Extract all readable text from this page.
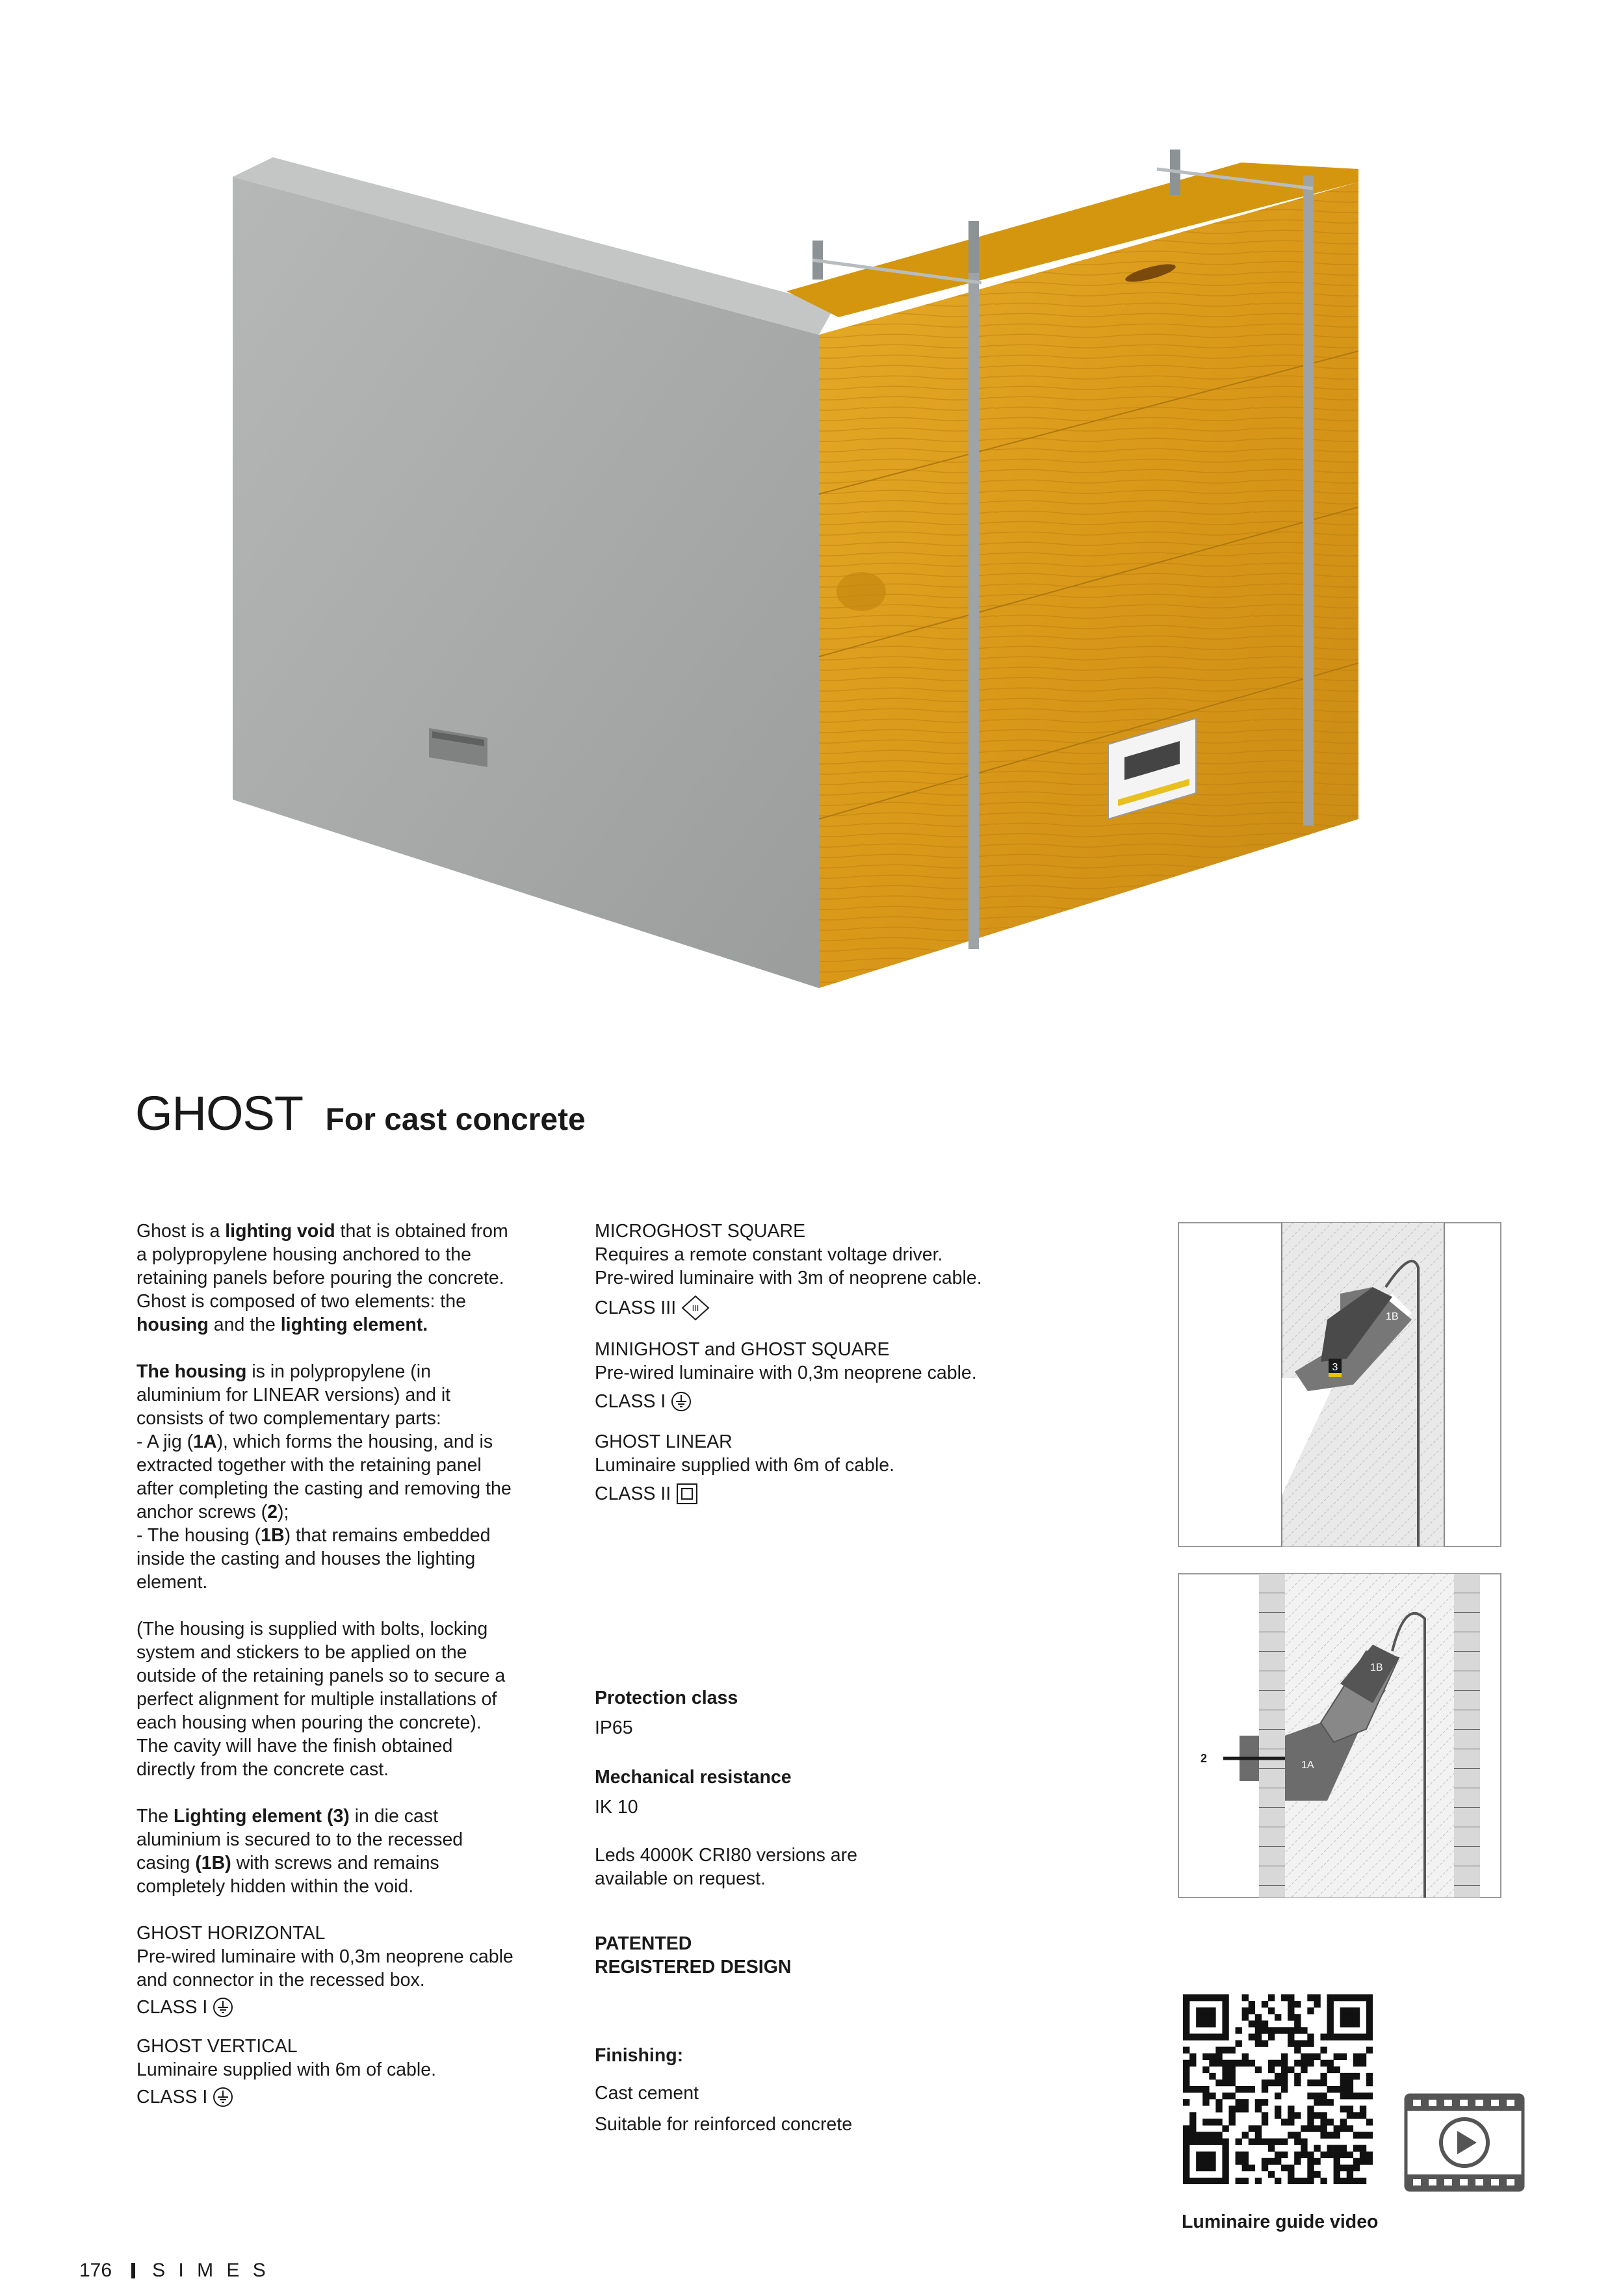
GHOST For cast concrete

Ghost is a lighting void that is obtained from a polypropylene housing anchored to the retaining panels before pouring the concrete.

Ghost is composed of two elements: the housing and the lighting element.

The housing is in polypropylene (in aluminium for LINEAR versions) and it consists of two complementary parts:

- A jig (1A), which forms the housing, and is extracted together with the retaining panel after completing the casting and removing the anchor screws (2);

- The housing (1B) that remains embedded inside the casting and houses the lighting element.

(The housing is supplied with bolts, locking system and stickers to be applied on the outside of the retaining panels so to secure a perfect alignment for multiple installations of each housing when pouring the concrete).

The cavity will have the finish obtained directly from the concrete cast.

The Lighting element (3) in die cast aluminium is secured to to the recessed casing (1B) with screws and remains completely hidden within the void.

GHOST HORIZONTAL

Pre-wired luminaire with 0,3m neoprene cable and connector in the recessed box.

CLASS I

GHOST VERTICAL

Luminaire supplied with 6m of cable.

CLASS I

MICROGHOST SQUARE

Requires a remote constant voltage driver.

Pre-wired luminaire with 3m of neoprene cable.

CLASS III III

MINIGHOST and GHOST SQUARE

Pre-wired luminaire with 0,3m neoprene cable.

CLASS I

GHOST LINEAR

Luminaire supplied with 6m of cable.

CLASS II

Protection class

IP65

Mechanical resistance

IK 10

Leds 4000K CRI80 versions are available on request.

PATENTED

REGISTERED DESIGN

Finishing:

Cast cement

Suitable for reinforced concrete

3
1B
1B
1A
2
Luminaire guide video
176 S I M E S
